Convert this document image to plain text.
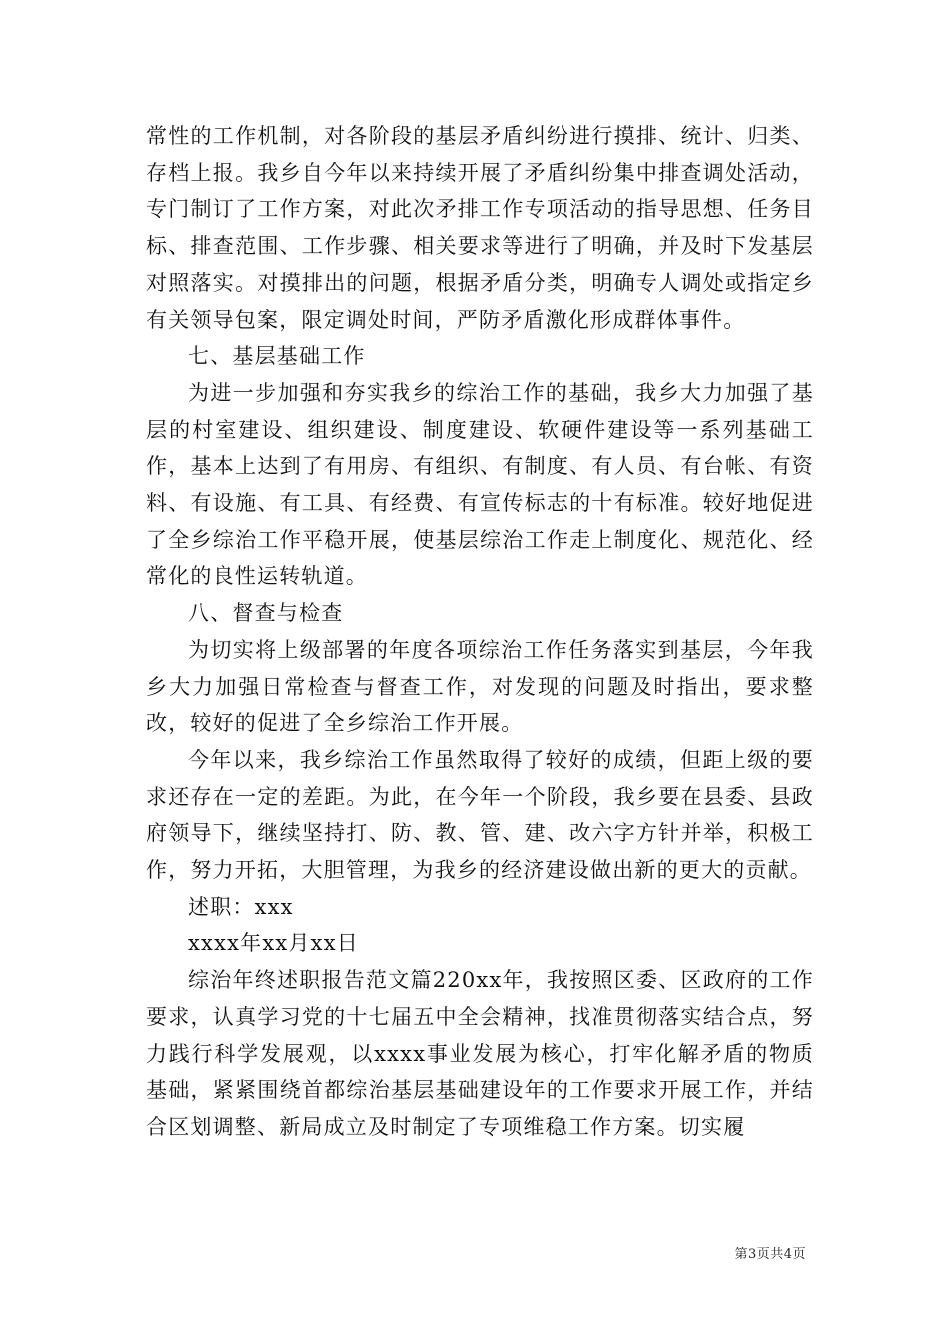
常性的工作机制，对各阶段的基层矛盾纠纷进行摸排、统计、归类、存档上报。我乡自今年以来持续开展了矛盾纠纷集中排查调处活动，专门制订了工作方案，对此次矛排工作专项活动的指导思想、任务目标、排查范围、工作步骤、相关要求等进行了明确，并及时下发基层对照落实。对摸排出的问题，根据矛盾分类，明确专人调处或指定乡有关领导包案，限定调处时间，严防矛盾激化形成群体事件。

七、基层基础工作

为进一步加强和夯实我乡的综治工作的基础，我乡大力加强了基层的村室建设、组织建设、制度建设、软硬件建设等一系列基础工作，基本上达到了有用房、有组织、有制度、有人员、有台帐、有资料、有设施、有工具、有经费、有宣传标志的十有标准。较好地促进了全乡综治工作平稳开展，使基层综治工作走上制度化、规范化、经常化的良性运转轨道。

八、督查与检查

为切实将上级部署的年度各项综治工作任务落实到基层，今年我乡大力加强日常检查与督查工作，对发现的问题及时指出，要求整改，较好的促进了全乡综治工作开展。

今年以来，我乡综治工作虽然取得了较好的成绩，但距上级的要求还存在一定的差距。为此，在今年一个阶段，我乡要在县委、县政府领导下，继续坚持打、防、教、管、建、改六字方针并举，积极工作，努力开拓，大胆管理，为我乡的经济建设做出新的更大的贡献。

述职：xxx

xxxx年xx月xx日

综治年终述职报告范文篇220xx年，我按照区委、区政府的工作要求，认真学习党的十七届五中全会精神，找准贯彻落实结合点，努力践行科学发展观，以xxxx事业发展为核心，打牢化解矛盾的物质基础，紧紧围绕首都综治基层基础建设年的工作要求开展工作，并结合区划调整、新局成立及时制定了专项维稳工作方案。切实履

第3页共4页
